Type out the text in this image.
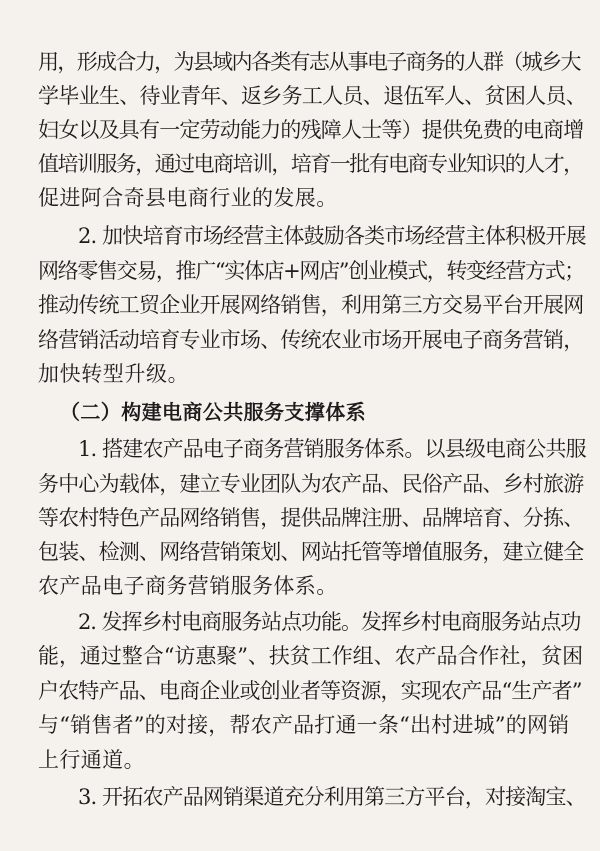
用，形成合力，为县域内各类有志从事电子商务的人群（城乡大
学毕业生、待业青年、返乡务工人员、退伍军人、贫困人员、
妇女以及具有一定劳动能力的残障人士等）提供免费的电商增
值培训服务，通过电商培训，培育一批有电商专业知识的人才，
促进阿合奇县电商行业的发展。
2. 加快培育市场经营主体鼓励各类市场经营主体积极开展
网络零售交易，推广“实体店+网店”创业模式，转变经营方式；
推动传统工贸企业开展网络销售，利用第三方交易平台开展网
络营销活动培育专业市场、传统农业市场开展电子商务营销，
加快转型升级。
（二）构建电商公共服务支撑体系
1. 搭建农产品电子商务营销服务体系。以县级电商公共服
务中心为载体，建立专业团队为农产品、民俗产品、乡村旅游
等农村特色产品网络销售，提供品牌注册、品牌培育、分拣、
包装、检测、网络营销策划、网站托管等增值服务，建立健全
农产品电子商务营销服务体系。
2. 发挥乡村电商服务站点功能。发挥乡村电商服务站点功
能，通过整合“访惠聚”、扶贫工作组、农产品合作社，贫困
户农特产品、电商企业或创业者等资源，实现农产品“生产者”
与“销售者”的对接，帮农产品打通一条“出村进城”的网销
上行通道。
3. 开拓农产品网销渠道充分利用第三方平台，对接淘宝、
